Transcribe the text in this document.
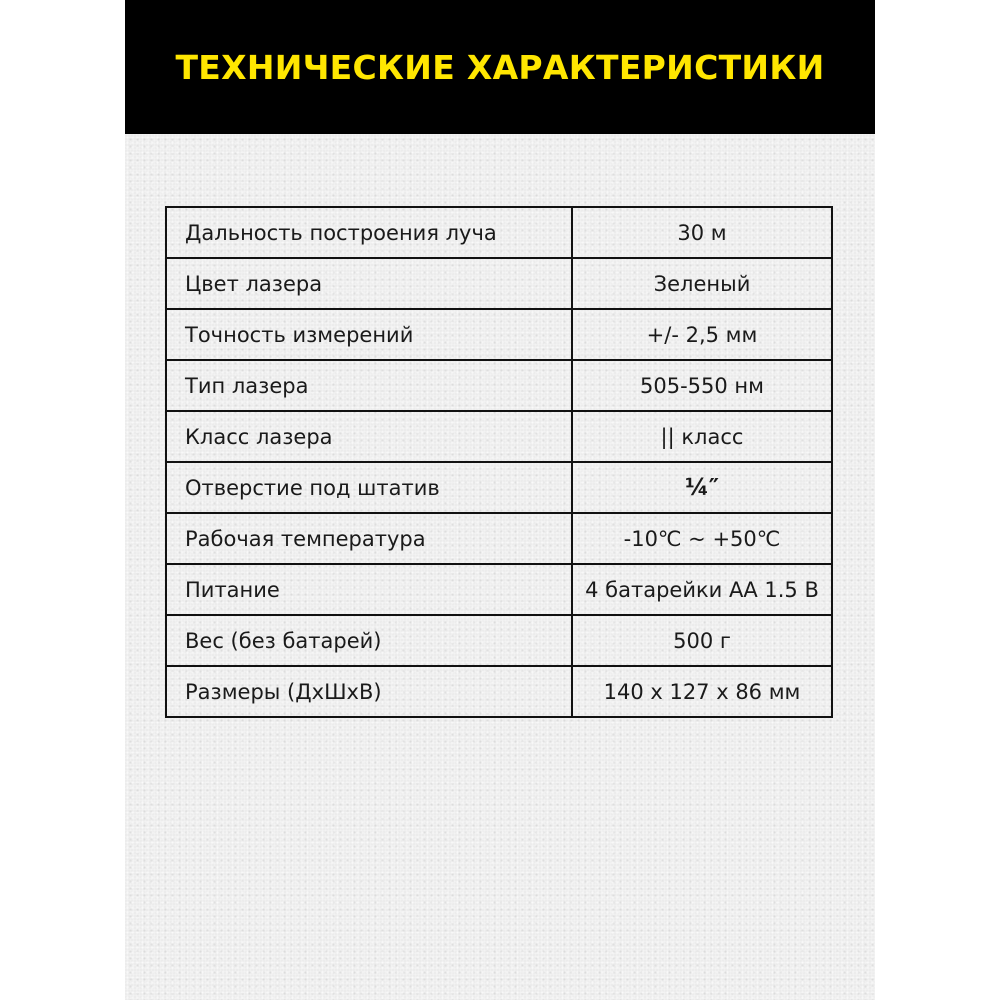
ТЕХНИЧЕСКИЕ ХАРАКТЕРИСТИКИ
Дальность построения луча	30 м
Цвет лазера	Зеленый
Точность измерений	+/- 2,5 мм
Тип лазера	505-550 нм
Класс лазера	|| класс
Отверстие под штатив	¼″
Рабочая температура	-10℃ ~ +50℃
Питание	4 батарейки АА 1.5 В
Вес (без батарей)	500 г
Размеры (ДхШхВ)	140 х 127 х 86 мм
